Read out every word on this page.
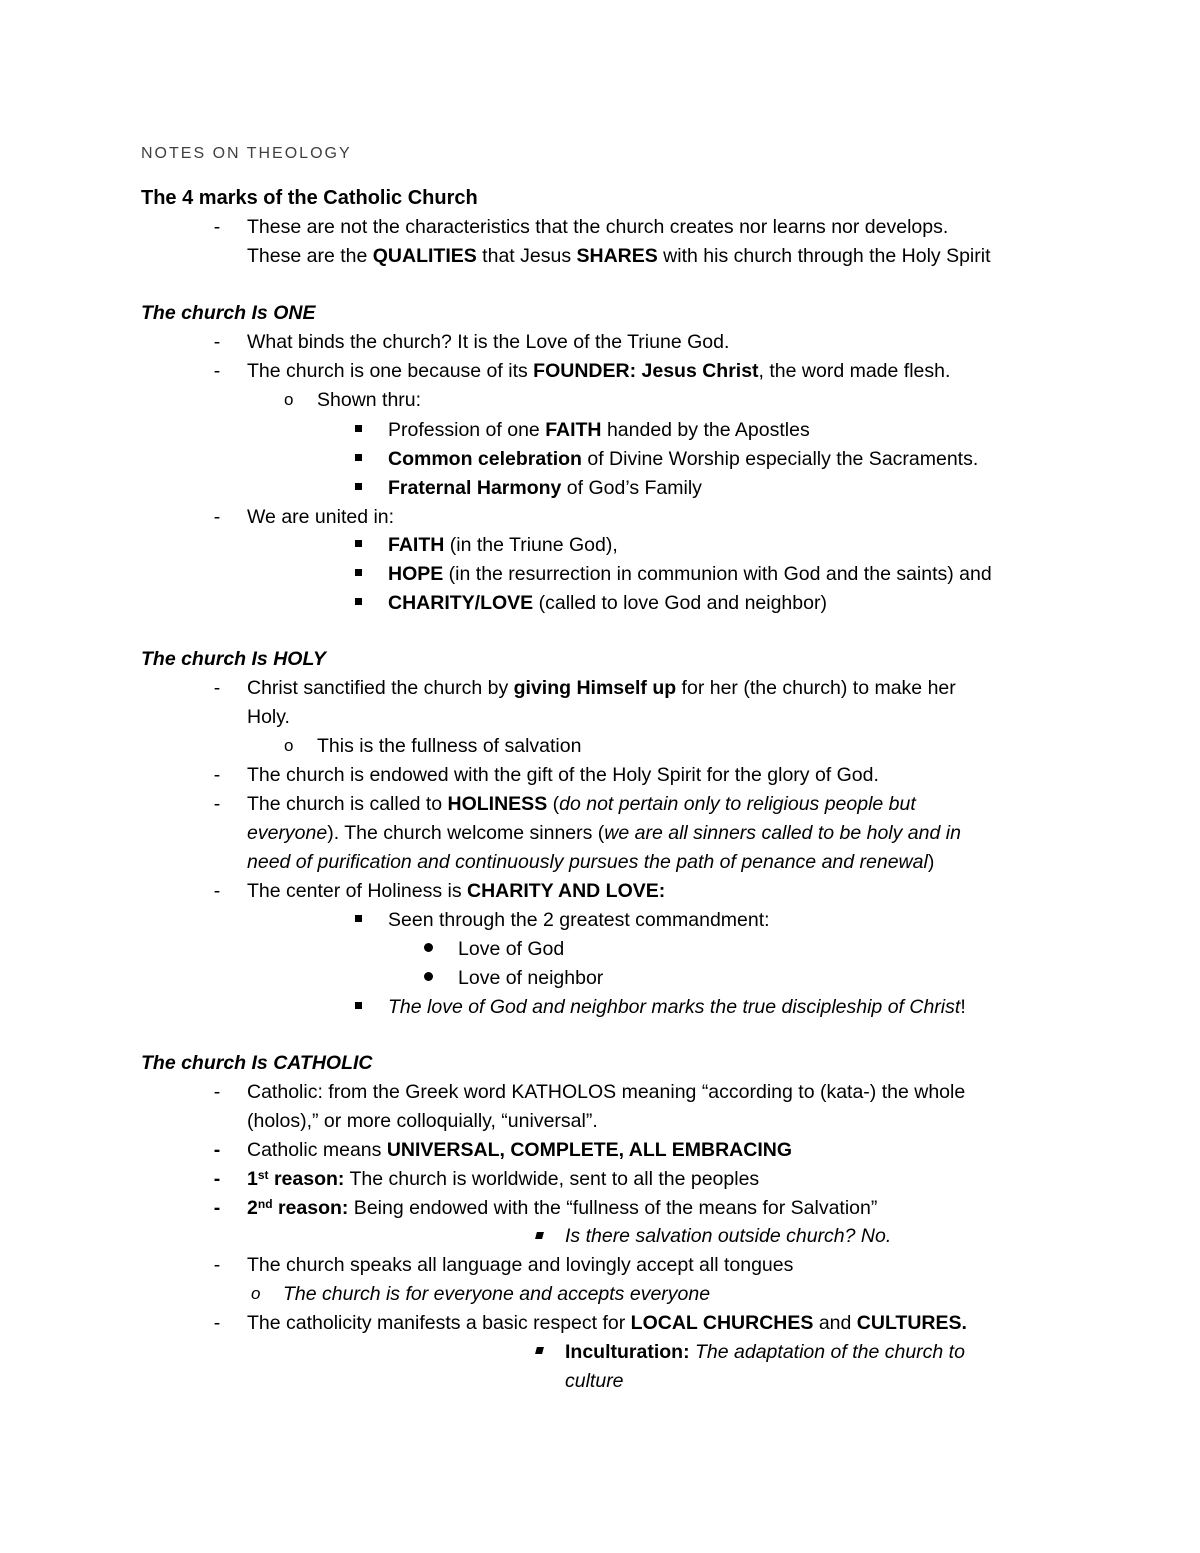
NOTES ON THEOLOGY
The 4 marks of the Catholic Church
- These are not the characteristics that the church creates nor learns nor develops.
These are the QUALITIES that Jesus SHARES with his church through the Holy Spirit
The church Is ONE
- What binds the church? It is the Love of the Triune God.
- The church is one because of its FOUNDER: Jesus Christ, the word made flesh.
o Shown thru:
Profession of one FAITH handed by the Apostles
Common celebration of Divine Worship especially the Sacraments.
Fraternal Harmony of God’s Family
- We are united in:
FAITH (in the Triune God),
HOPE (in the resurrection in communion with God and the saints) and
CHARITY/LOVE (called to love God and neighbor)
The church Is HOLY
- Christ sanctified the church by giving Himself up for her (the church) to make her
Holy.
o This is the fullness of salvation
- The church is endowed with the gift of the Holy Spirit for the glory of God.
- The church is called to HOLINESS (do not pertain only to religious people but
everyone). The church welcome sinners (we are all sinners called to be holy and in
need of purification and continuously pursues the path of penance and renewal)
- The center of Holiness is CHARITY AND LOVE:
Seen through the 2 greatest commandment:
Love of God
Love of neighbor
The love of God and neighbor marks the true discipleship of Christ!
The church Is CATHOLIC
- Catholic: from the Greek word KATHOLOS meaning “according to (kata-) the whole
(holos),” or more colloquially, “universal”.
- Catholic means UNIVERSAL, COMPLETE, ALL EMBRACING
- 1st reason: The church is worldwide, sent to all the peoples
- 2nd reason: Being endowed with the “fullness of the means for Salvation”
Is there salvation outside church? No.
- The church speaks all language and lovingly accept all tongues
o The church is for everyone and accepts everyone
- The catholicity manifests a basic respect for LOCAL CHURCHES and CULTURES.
Inculturation: The adaptation of the church to
culture
